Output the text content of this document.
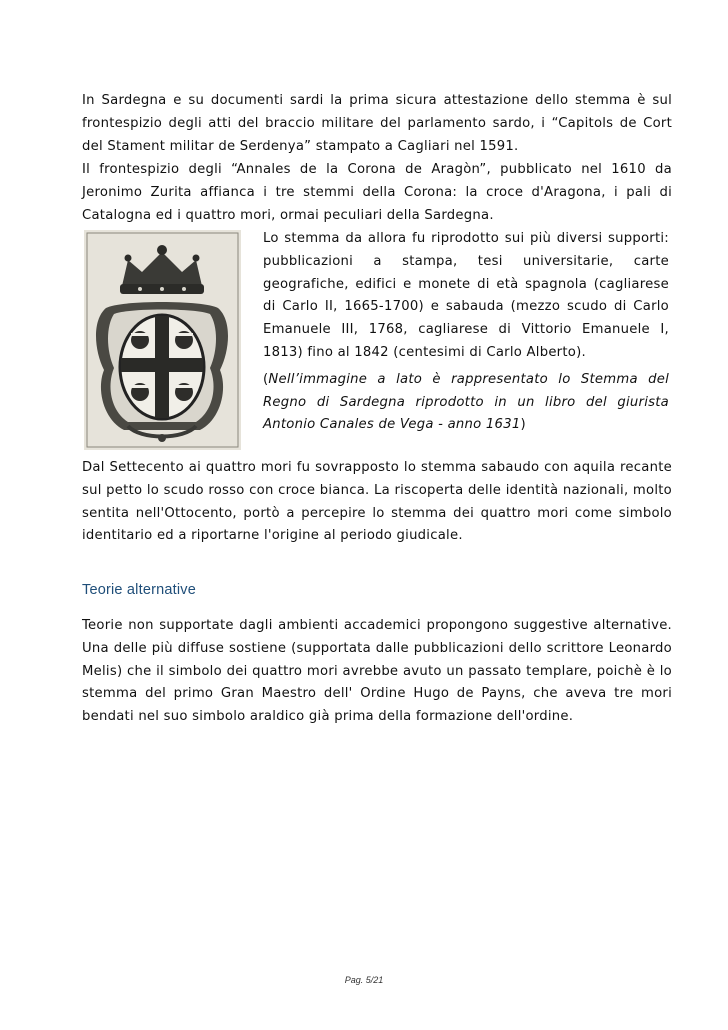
In Sardegna e su documenti sardi la prima sicura attestazione dello stemma è sul frontespizio degli atti del braccio militare del parlamento sardo, i “Capitols de Cort del Stament militar de Serdenya” stampato a Cagliari nel 1591.

Il frontespizio degli “Annales de la Corona de Aragòn”, pubblicato nel 1610 da Jeronimo Zurita affianca i tre stemmi della Corona: la croce d'Aragona, i pali di Catalogna ed i quattro mori, ormai peculiari della Sardegna.

Lo stemma da allora fu riprodotto sui più diversi supporti: pubblicazioni a stampa, tesi universitarie, carte geografiche, edifici e monete di età spagnola (cagliarese di Carlo II, 1665-1700) e sabauda (mezzo scudo di Carlo Emanuele III, 1768, cagliarese di Vittorio Emanuele I, 1813) fino al 1842 (centesimi di Carlo Alberto).

(Nell’immagine a lato è rappresentato lo Stemma del Regno di Sardegna riprodotto in un libro del giurista Antonio Canales de Vega - anno 1631)

Dal Settecento ai quattro mori fu sovrapposto lo stemma sabaudo con aquila recante sul petto lo scudo rosso con croce bianca. La riscoperta delle identità nazionali, molto sentita nell'Ottocento, portò a percepire lo stemma dei quattro mori come simbolo identitario ed a riportarne l'origine al periodo giudicale.

Teorie alternative

Teorie non supportate dagli ambienti accademici propongono suggestive alternative. Una delle più diffuse sostiene (supportata dalle pubblicazioni dello scrittore Leonardo Melis) che il simbolo dei quattro mori avrebbe avuto un passato templare, poichè è lo stemma del primo Gran Maestro dell' Ordine Hugo de Payns, che aveva tre mori bendati nel suo simbolo araldico già prima della formazione dell'ordine.

Pag. 5/21
